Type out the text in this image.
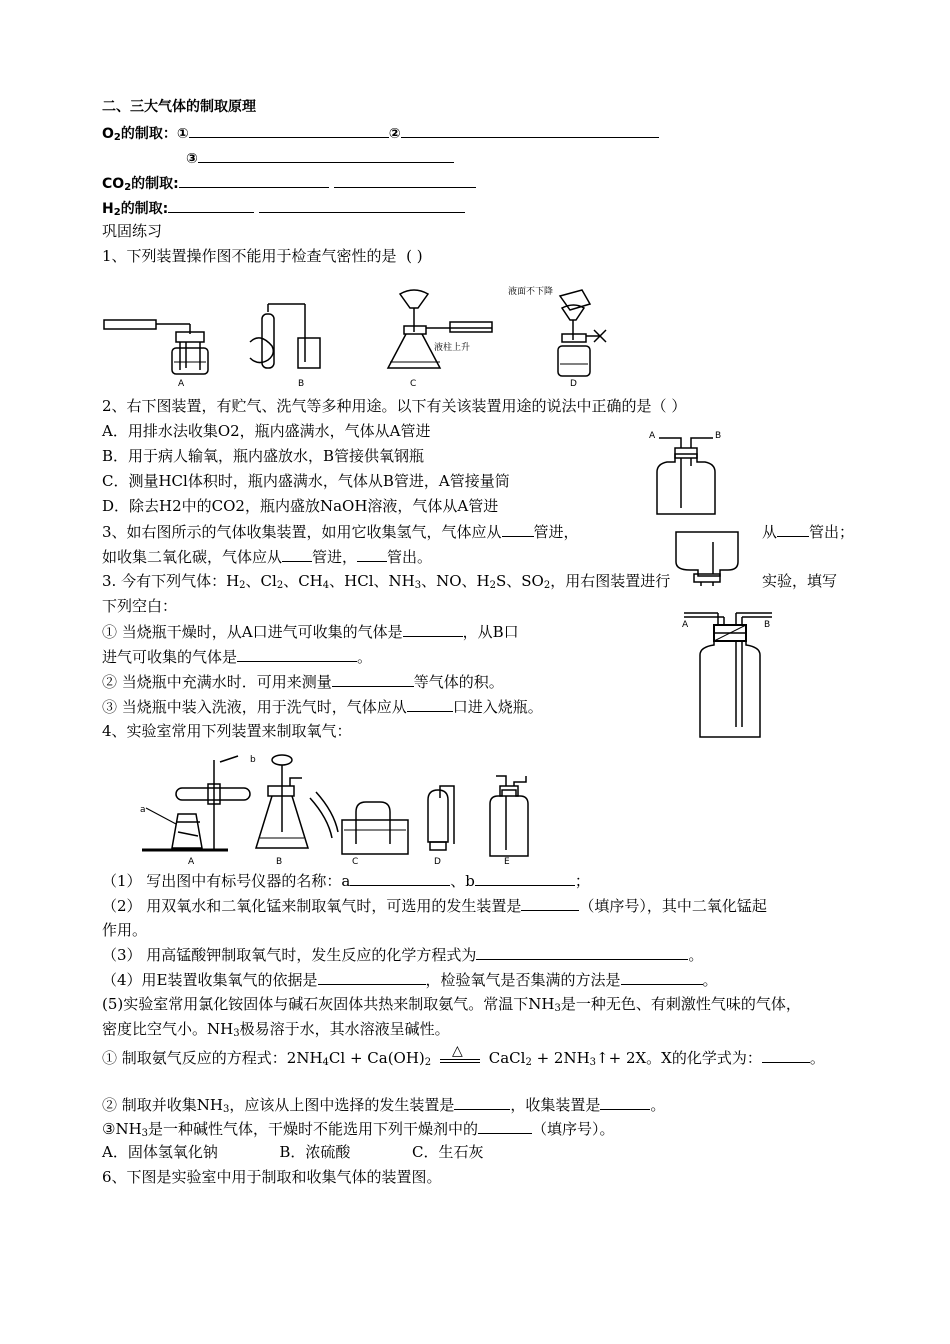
二、三大气体的制取原理
$O_2$的制取：①	②
③
$CO_2$的制取:
$H_2$的制取:
巩固练习
1、下列装置操作图不能用于检查气密性的是 ( )
A	B	C	D
液柱上升
液面不下降
2、右下图装置，有贮气、洗气等多种用途。以下有关该装置用途的说法中正确的是（ ）
A．用排水法收集O2，瓶内盛满水，气体从A管进
B．用于病人输氧，瓶内盛放水，B管接供氧钢瓶
C．测量HCl体积时，瓶内盛满水，气体从B管进，A管接量筒
D．除去H2中的CO2，瓶内盛放NaOH溶液，气体从A管进
A	B
3、如右图所示的气体收集装置，如用它收集氢气，气体应从 管进，	从 管出；
如收集二氧化碳，气体应从 管进， 管出。
3. 今有下列气体：$H_2$、$Cl_2$、$CH_4$、HCl、$NH_3$、NO、$H_2S$、$SO_2$，用右图装置进行	实验，填写
下列空白：
① 当烧瓶干燥时，从A口进气可收集的气体是	，从B口
进气可收集的气体是	。
② 当烧瓶中充满水时．可用来测量	等气体的积。
③ 当烧瓶中装入洗液，用于洗气时，气体应从	口进入烧瓶。
A	B
4、实验室常用下列装置来制取氧气：
a
b
A	B	C	D	E
（1） 写出图中有标号仪器的名称：a	、b	；
（2） 用双氧水和二氧化锰来制取氧气时，可选用的发生装置是	（填序号），其中二氧化锰起
作用。
（3） 用高锰酸钾制取氧气时，发生反应的化学方程式为	。
（4）用E装置收集氧气的依据是	，检验氧气是否集满的方法是	。
(5)实验室常用氯化铵固体与碱石灰固体共热来制取氨气。常温下$NH_3$是一种无色、有刺激性气味的气体，
密度比空气小。$NH_3$极易溶于水，其水溶液呈碱性。
① 制取氨气反应的方程式：$2NH_4Cl + Ca(OH)_2$
△ CaCl$_2$ + $2NH_3↑+ 2X$。X的化学式为：	。
② 制取并收集$NH_3$，应该从上图中选择的发生装置是	，收集装置是	。
$③NH_3$是一种碱性气体，干燥时不能选用下列干燥剂中的	（填序号）。
A．固体氢氧化钠	B．浓硫酸	C．生石灰
6、下图是实验室中用于制取和收集气体的装置图。
